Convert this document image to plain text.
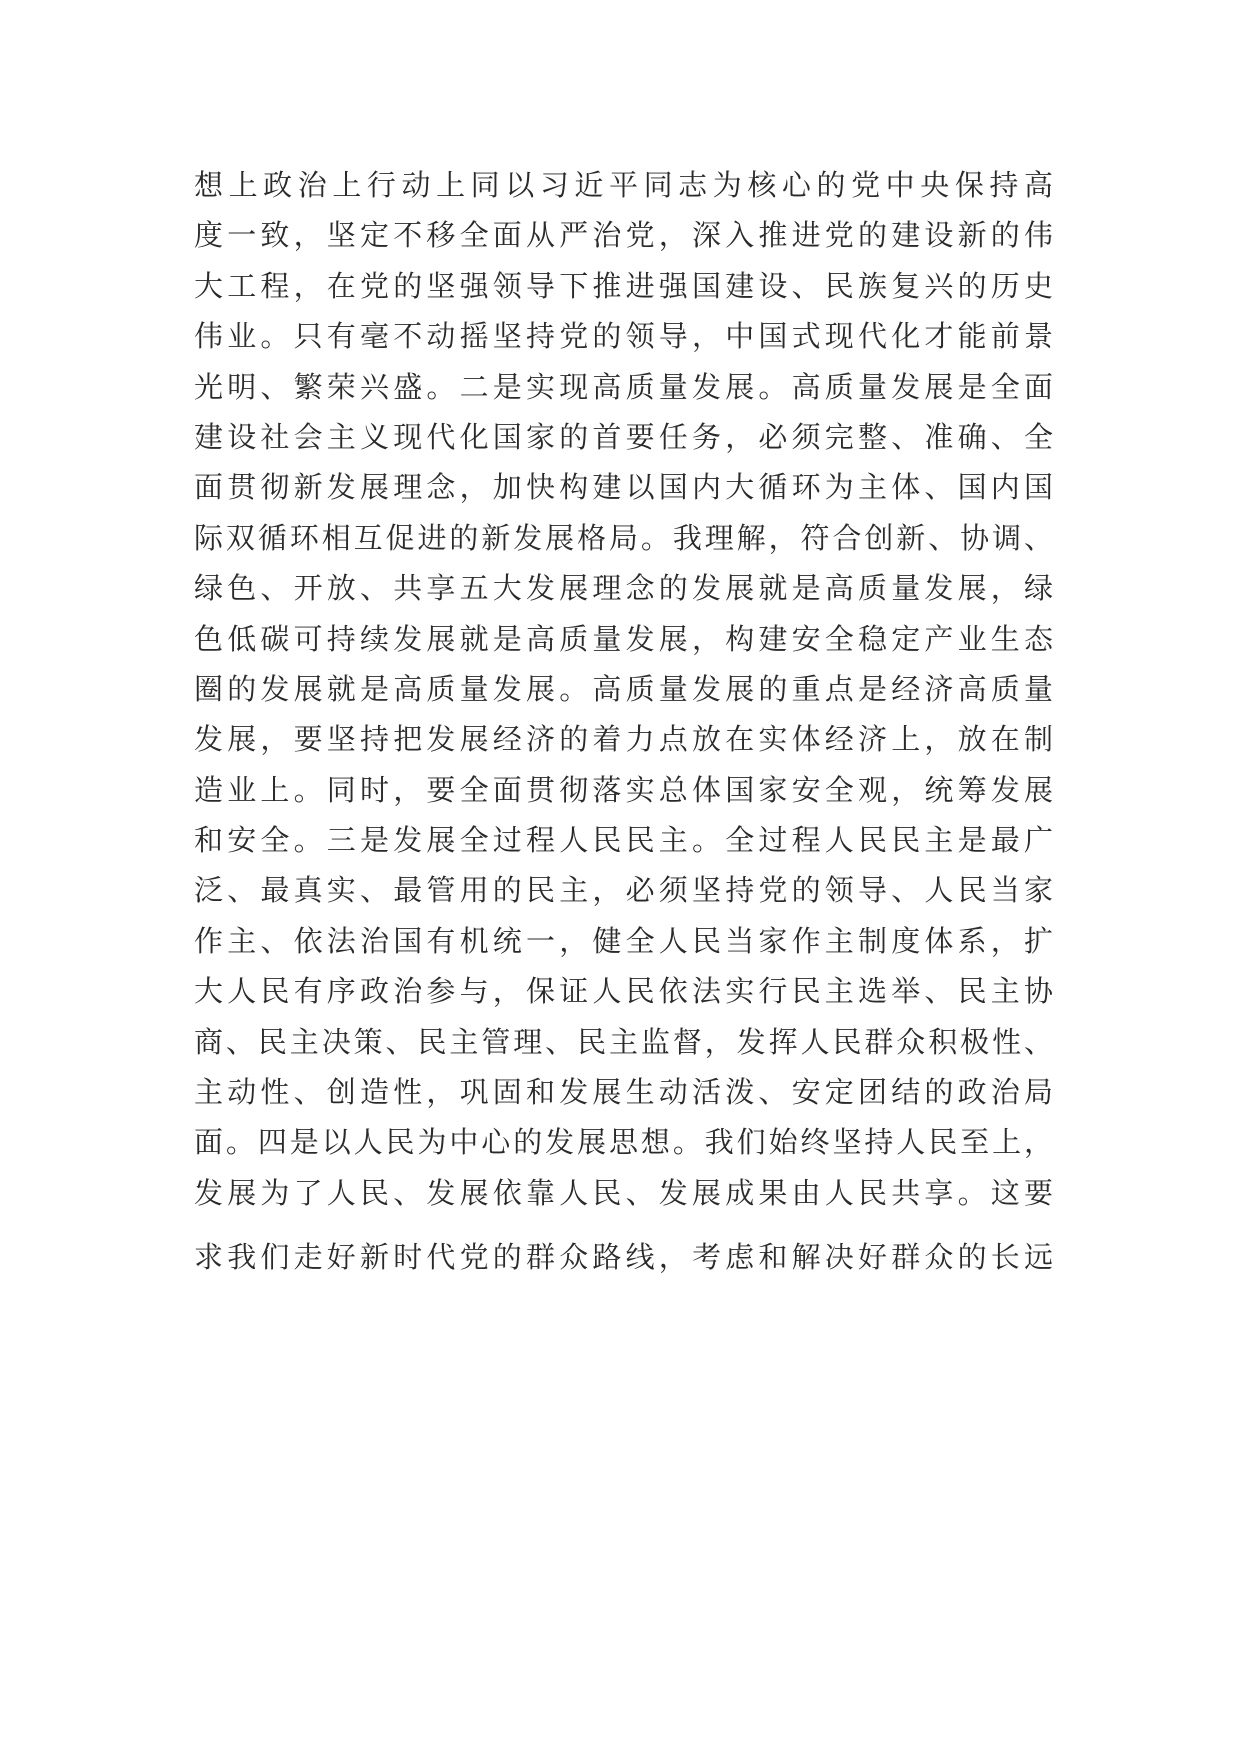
想上政治上行动上同以习近平同志为核心的党中央保持高
度一致，坚定不移全面从严治党，深入推进党的建设新的伟
大工程，在党的坚强领导下推进强国建设、民族复兴的历史
伟业。只有毫不动摇坚持党的领导，中国式现代化才能前景
光明、繁荣兴盛。二是实现高质量发展。高质量发展是全面
建设社会主义现代化国家的首要任务，必须完整、准确、全
面贯彻新发展理念，加快构建以国内大循环为主体、国内国
际双循环相互促进的新发展格局。我理解，符合创新、协调、
绿色、开放、共享五大发展理念的发展就是高质量发展，绿
色低碳可持续发展就是高质量发展，构建安全稳定产业生态
圈的发展就是高质量发展。高质量发展的重点是经济高质量
发展，要坚持把发展经济的着力点放在实体经济上，放在制
造业上。同时，要全面贯彻落实总体国家安全观，统筹发展
和安全。三是发展全过程人民民主。全过程人民民主是最广
泛、最真实、最管用的民主，必须坚持党的领导、人民当家
作主、依法治国有机统一，健全人民当家作主制度体系，扩
大人民有序政治参与，保证人民依法实行民主选举、民主协
商、民主决策、民主管理、民主监督，发挥人民群众积极性、
主动性、创造性，巩固和发展生动活泼、安定团结的政治局
面。四是以人民为中心的发展思想。我们始终坚持人民至上，
发展为了人民、发展依靠人民、发展成果由人民共享。这要
求我们走好新时代党的群众路线，考虑和解决好群众的长远
